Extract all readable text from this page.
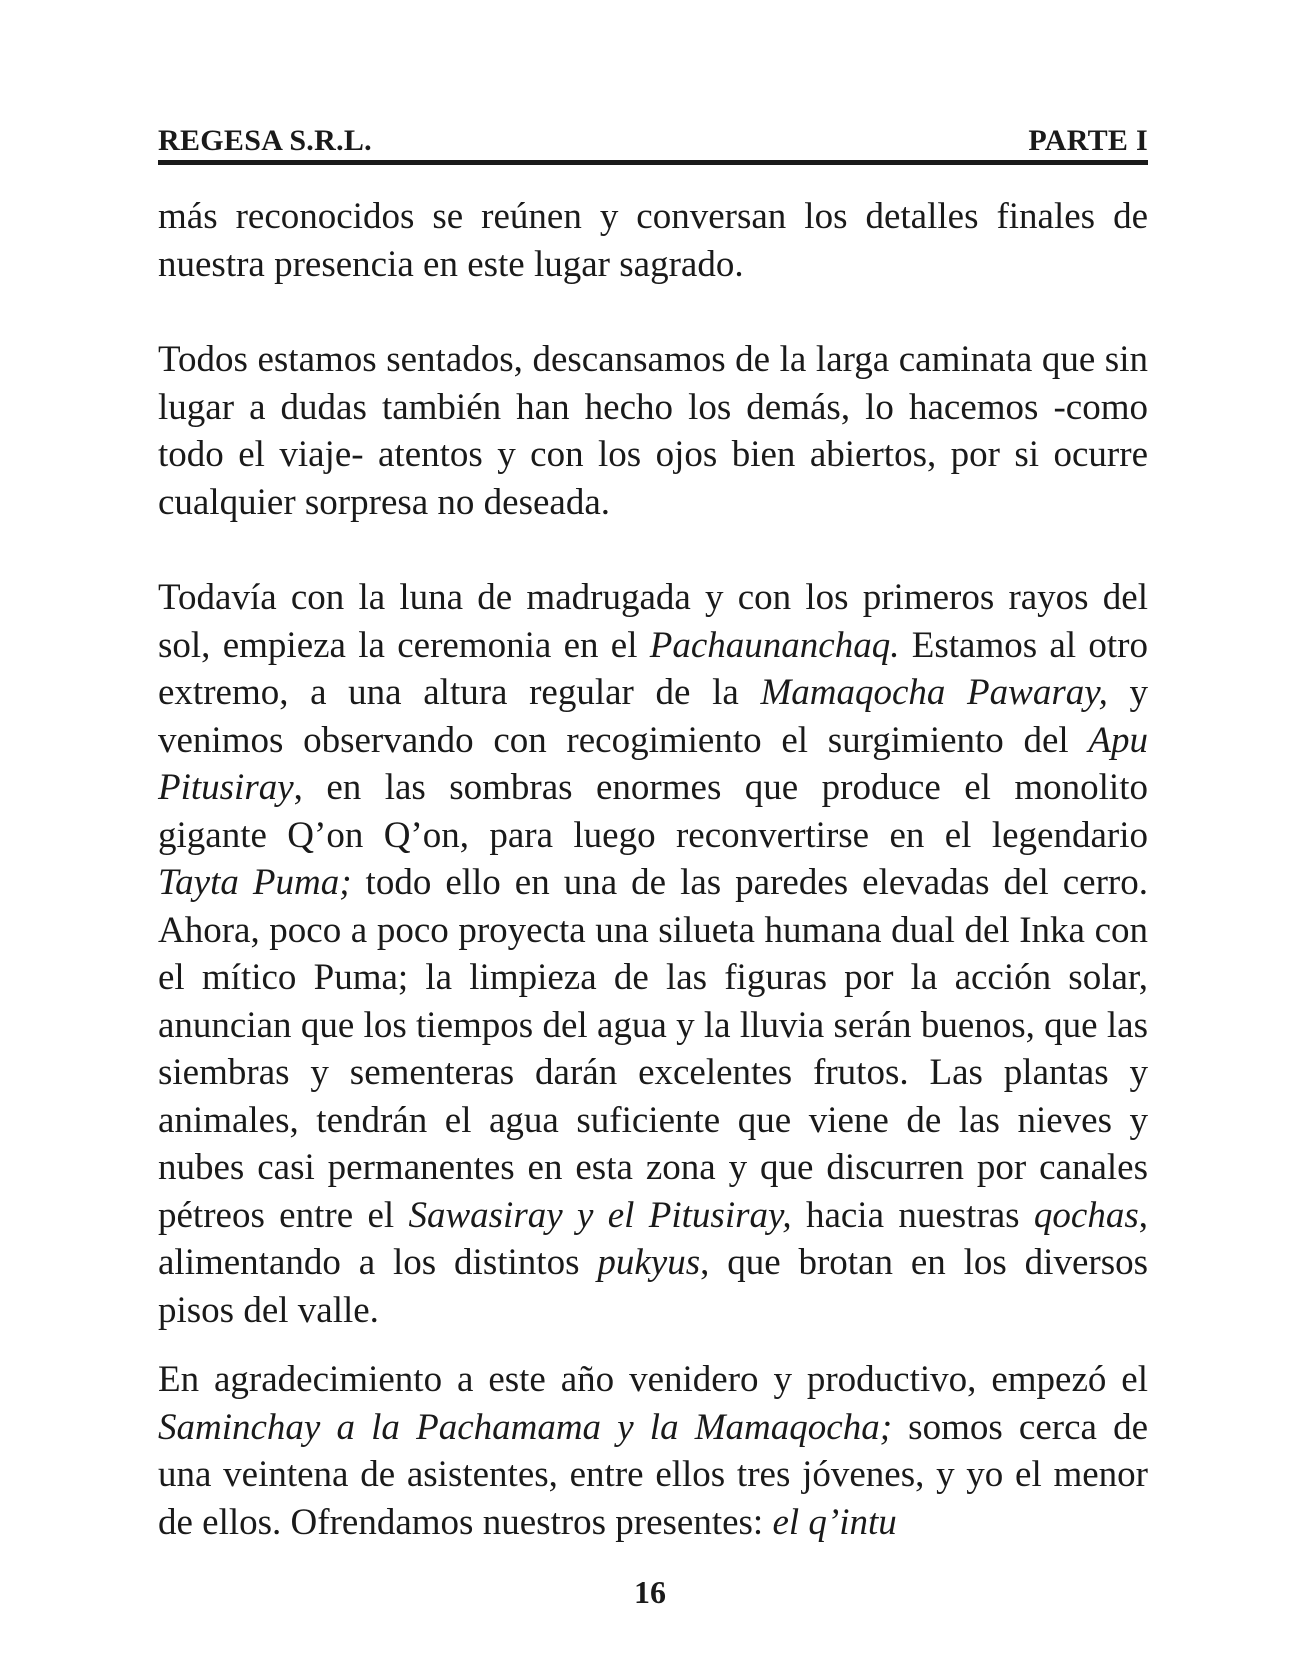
REGESA S.R.L.	PARTE I

más reconocidos se reúnen y conversan los detalles finales de nuestra presencia en este lugar sagrado.

Todos estamos sentados, descansamos de la larga caminata que sin lugar a dudas también han hecho los demás, lo hacemos -como todo el viaje- atentos y con los ojos bien abiertos, por si ocurre cualquier sorpresa no deseada.

Todavía con la luna de madrugada y con los primeros rayos del sol, empieza la ceremonia en el Pachaunanchaq. Estamos al otro extremo, a una altura regular de la Mamaqocha Pawaray, y venimos observando con recogimiento el surgimiento del Apu Pitusiray, en las sombras enormes que produce el monolito gigante Q’on Q’on, para luego reconvertirse en el legendario Tayta Puma; todo ello en una de las paredes elevadas del cerro. Ahora, poco a poco proyecta una silueta humana dual del Inka con el mítico Puma; la limpieza de las figuras por la acción solar, anuncian que los tiempos del agua y la lluvia serán buenos, que las siembras y sementeras darán excelentes frutos. Las plantas y animales, tendrán el agua suficiente que viene de las nieves y nubes casi permanentes en esta zona y que discurren por canales pétreos entre el Sawasiray y el Pitusiray, hacia nuestras qochas, alimentando a los distintos pukyus, que brotan en los diversos pisos del valle.

En agradecimiento a este año venidero y productivo, empezó el Saminchay a la Pachamama y la Mamaqocha; somos cerca de una veintena de asistentes, entre ellos tres jóvenes, y yo el menor de ellos. Ofrendamos nuestros presentes: el q’intu

16
